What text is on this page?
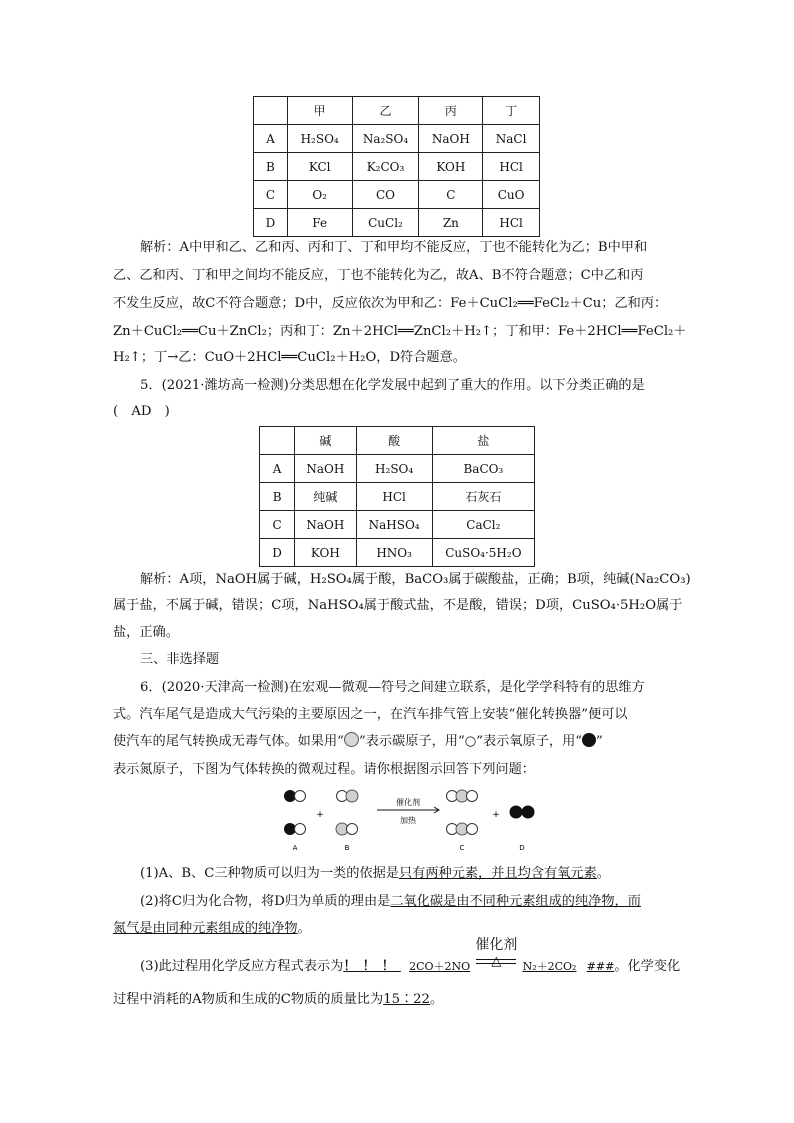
	甲	乙	丙	丁
A	H₂SO₄	Na₂SO₄	NaOH	NaCl
B	KCl	K₂CO₃	KOH	HCl
C	O₂	CO	C	CuO
D	Fe	CuCl₂	Zn	HCl
解析：A中甲和乙、乙和丙、丙和丁、丁和甲均不能反应，丁也不能转化为乙；B中甲和
乙、乙和丙、丁和甲之间均不能反应，丁也不能转化为乙，故A、B不符合题意；C中乙和丙
不发生反应，故C不符合题意；D中，反应依次为甲和乙：Fe＋CuCl₂══FeCl₂＋Cu；乙和丙：
Zn＋CuCl₂══Cu＋ZnCl₂；丙和丁：Zn＋2HCl══ZnCl₂＋H₂↑；丁和甲：Fe＋2HCl══FeCl₂＋
H₂↑；丁→乙：CuO＋2HCl══CuCl₂＋H₂O，D符合题意。
5．(2021·潍坊高一检测)分类思想在化学发展中起到了重大的作用。以下分类正确的是
(　AD　)
	碱	酸	盐
A	NaOH	H₂SO₄	BaCO₃
B	纯碱	HCl	石灰石
C	NaOH	NaHSO₄	CaCl₂
D	KOH	HNO₃	CuSO₄·5H₂O
解析：A项，NaOH属于碱，H₂SO₄属于酸，BaCO₃属于碳酸盐，正确；B项，纯碱(Na₂CO₃)
属于盐，不属于碱，错误；C项，NaHSO₄属于酸式盐，不是酸，错误；D项，CuSO₄·5H₂O属于
盐，正确。
三、非选择题
6．(2020·天津高一检测)在宏观—微观—符号之间建立联系，是化学学科特有的思维方
式。汽车尾气是造成大气污染的主要原因之一，在汽车排气管上安装“催化转换器”便可以
使汽车的尾气转换成无毒气体。如果用“ ”表示碳原子，用“○”表示氧原子，用“ ”
表示氮原子，下图为气体转换的微观过程。请你根据图示回答下列问题：
+
催化剂
加热
+
A	B	C	D
(1)A、B、C三种物质可以归为一类的依据是只有两种元素，并且均含有氧元素。
(2)将C归为化合物，将D归为单质的理由是二氧化碳是由不同种元素组成的纯净物，而
氮气是由同种元素组成的纯净物。
(3)此过程用化学反应方程式表示为！！！ 2CO＋2NO
催化剂
△	N₂＋2CO₂ ###。化学变化
过程中消耗的A物质和生成的C物质的质量比为15∶22。
